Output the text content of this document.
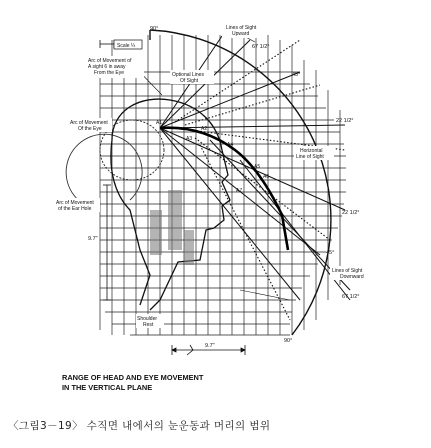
Scale ¼
Optional Lines
Of Sight
Arc of Movement of
A sight 6 in away
From the Eye
Lines of Sight
Upward
Arc of Movement
Of the Eye
Horizontal
Line of Sight
Arc of Movement
of the Ear Hole
Lines of Sight
Downward
Shoulder
Rest
9.7"
9.7"
90°
67 1/2°
45°
22 1/2°
22 1/2°
45°
67 1/2°
90°
A1
A2
A3
A4
A5
A6
A7
RANGE OF HEAD AND EYE MOVEMENT
IN THE VERTICAL PLANE
〈그림3－19〉 수직면 내에서의 눈운동과 머리의 범위
